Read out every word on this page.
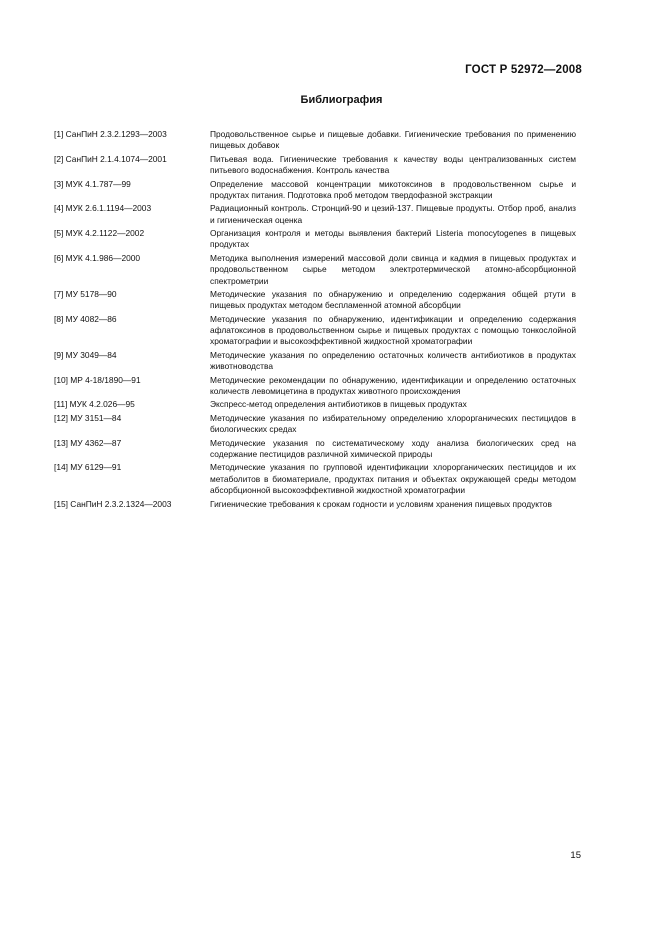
ГОСТ Р 52972—2008
Библиография
[1] СанПиН 2.3.2.1293—2003	Продовольственное сырье и пищевые добавки. Гигиенические требования по применению пищевых добавок
[2] СанПиН 2.1.4.1074—2001	Питьевая вода. Гигиенические требования к качеству воды централизованных систем питьевого водоснабжения. Контроль качества
[3] МУК 4.1.787—99	Определение массовой концентрации микотоксинов в продовольственном сырье и продуктах питания. Подготовка проб методом твердофазной экстракции
[4] МУК 2.6.1.1194—2003	Радиационный контроль. Стронций-90 и цезий-137. Пищевые продукты. Отбор проб, анализ и гигиеническая оценка
[5] МУК 4.2.1122—2002	Организация контроля и методы выявления бактерий Listeria monocytogenes в пищевых продуктах
[6] МУК 4.1.986—2000	Методика выполнения измерений массовой доли свинца и кадмия в пищевых продуктах и продовольственном сырье методом электротермической атомно-абсорбционной спектрометрии
[7] МУ 5178—90	Методические указания по обнаружению и определению содержания общей ртути в пищевых продуктах методом беспламенной атомной абсорбции
[8] МУ 4082—86	Методические указания по обнаружению, идентификации и определению содержания афлатоксинов в продовольственном сырье и пищевых продуктах с помощью тонкослойной хроматографии и высокоэффективной жидкостной хроматографии
[9] МУ 3049—84	Методические указания по определению остаточных количеств антибиотиков в продуктах животноводства
[10] МР 4-18/1890—91	Методические рекомендации по обнаружению, идентификации и определению остаточных количеств левомицетина в продуктах животного происхождения
[11] МУК 4.2.026—95	Экспресс-метод определения антибиотиков в пищевых продуктах
[12] МУ 3151—84	Методические указания по избирательному определению хлорорганических пестицидов в биологических средах
[13] МУ 4362—87	Методические указания по систематическому ходу анализа биологических сред на содержание пестицидов различной химической природы
[14] МУ 6129—91	Методические указания по групповой идентификации хлорорганических пестицидов и их метаболитов в биоматериале, продуктах питания и объектах окружающей среды методом абсорбционной высокоэффективной жидкостной хроматографии
[15] СанПиН 2.3.2.1324—2003	Гигиенические требования к срокам годности и условиям хранения пищевых продуктов
15
